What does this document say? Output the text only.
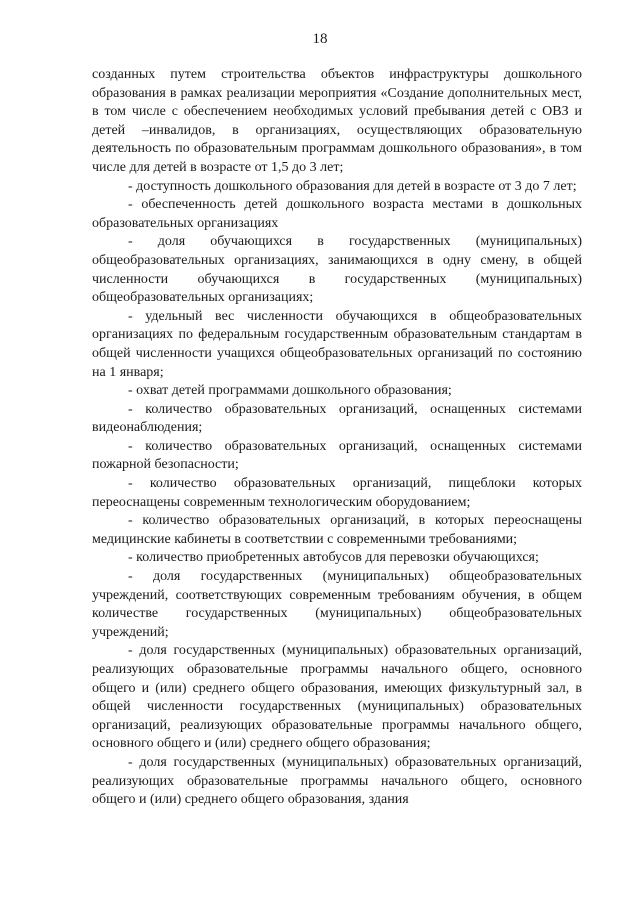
18

созданных путем строительства объектов инфраструктуры дошкольного образования в рамках реализации мероприятия «Создание дополнительных мест, в том числе с обеспечением необходимых условий пребывания детей с ОВЗ и детей –инвалидов, в организациях, осуществляющих образовательную деятельность по образовательным программам дошкольного образования», в том числе для детей в возрасте от 1,5 до 3 лет;

- доступность дошкольного образования для детей в возрасте от 3 до 7 лет;

- обеспеченность детей дошкольного возраста местами в дошкольных образовательных организациях

- доля обучающихся в государственных (муниципальных) общеобразовательных организациях, занимающихся в одну смену, в общей численности обучающихся в государственных (муниципальных) общеобразовательных организациях;

- удельный вес численности обучающихся в общеобразовательных организациях по федеральным государственным образовательным стандартам в общей численности учащихся общеобразовательных организаций по состоянию на 1 января;

- охват детей программами дошкольного образования;

- количество образовательных организаций, оснащенных системами видеонаблюдения;

- количество образовательных организаций, оснащенных системами пожарной безопасности;

- количество образовательных организаций, пищеблоки которых переоснащены современным технологическим оборудованием;

- количество образовательных организаций, в которых переоснащены медицинские кабинеты в соответствии с современными требованиями;

- количество приобретенных автобусов для перевозки обучающихся;

- доля государственных (муниципальных) общеобразовательных учреждений, соответствующих современным требованиям обучения, в общем количестве государственных (муниципальных) общеобразовательных учреждений;

- доля государственных (муниципальных) образовательных организаций, реализующих образовательные программы начального общего, основного общего и (или) среднего общего образования, имеющих физкультурный зал, в общей численности государственных (муниципальных) образовательных организаций, реализующих образовательные программы начального общего, основного общего и (или) среднего общего образования;

- доля государственных (муниципальных) образовательных организаций, реализующих образовательные программы начального общего, основного общего и (или) среднего общего образования, здания
